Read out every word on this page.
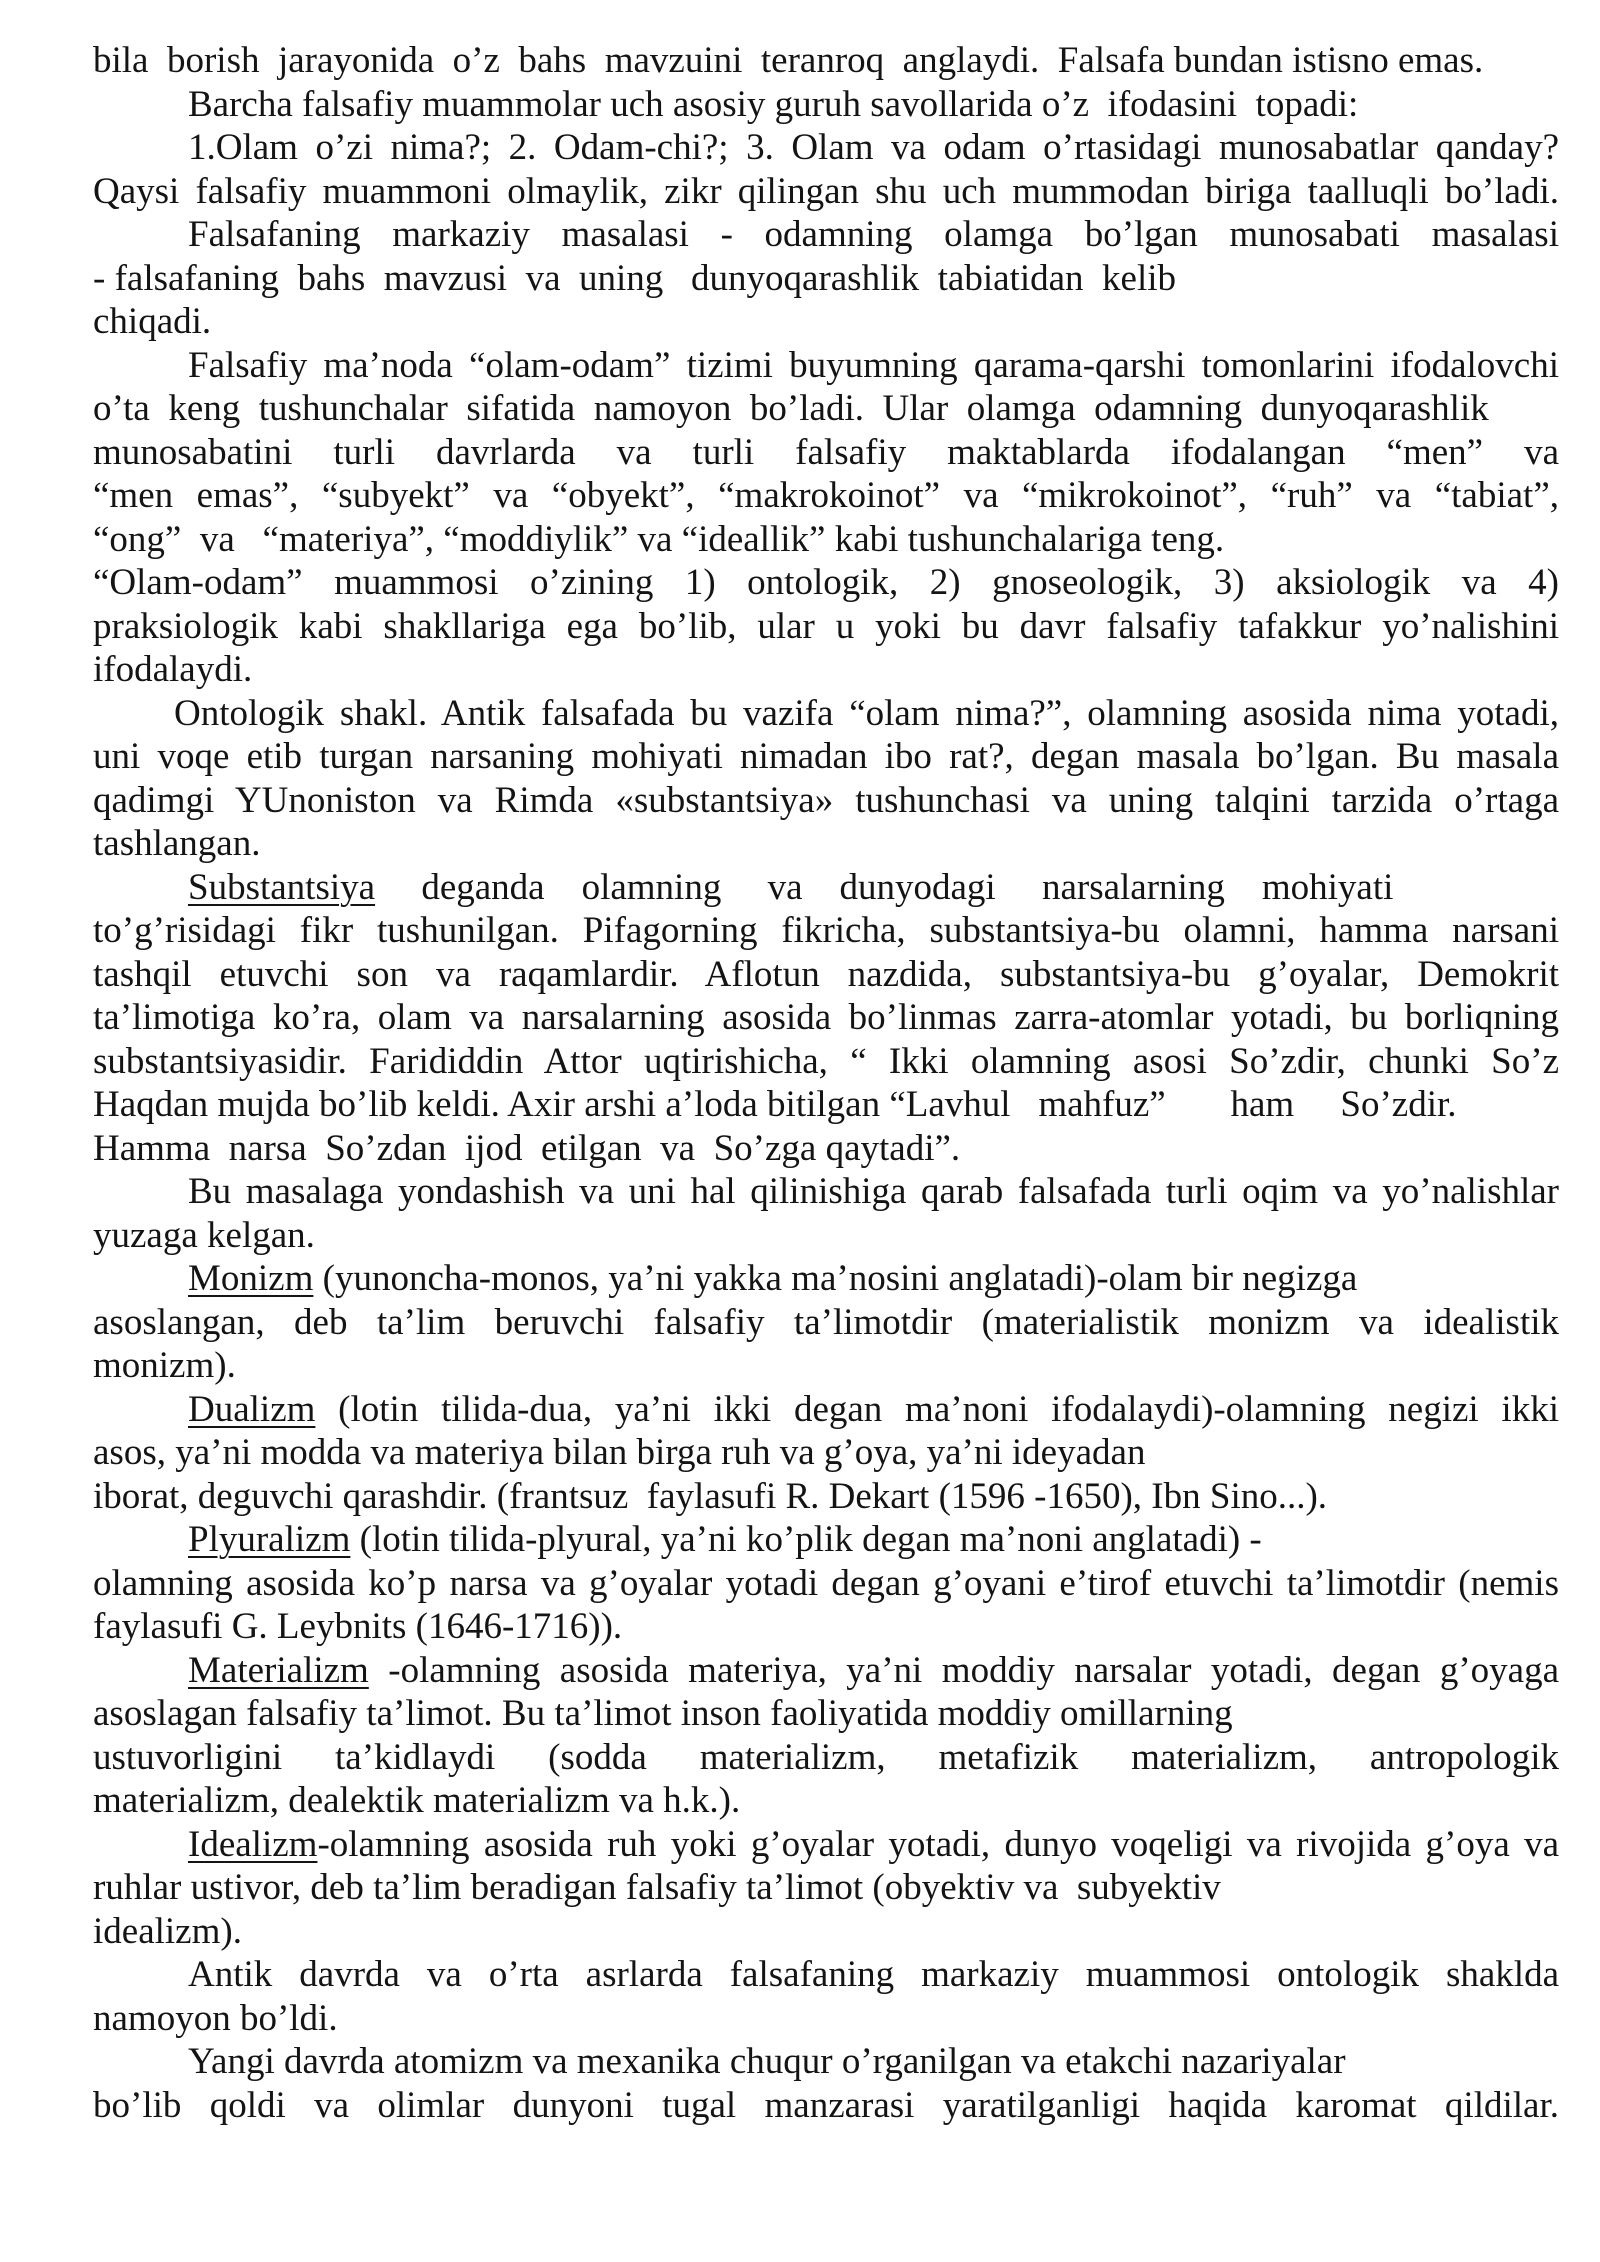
bila  borish  jarayonida  o’z  bahs  mavzuini  teranroq  anglaydi.  Falsafa bundan istisno emas.
Barcha falsafiy muammolar uch asosiy guruh savollarida o’z  ifodasini  topadi:
1.Olam o’zi nima?; 2. Odam-chi?; 3. Olam va odam o’rtasidagi munosabatlar qanday?
Qaysi falsafiy muammoni olmaylik, zikr qilingan shu uch mummodan biriga taalluqli bo’ladi.
Falsafaning markaziy masalasi - odamning olamga bo’lgan munosabati masalasi
- falsafaning  bahs  mavzusi  va  uning   dunyoqarashlik  tabiatidan  kelib
chiqadi.
Falsafiy ma’noda “olam-odam” tizimi buyumning qarama-qarshi tomonlarini ifodalovchi
o’ta  keng  tushunchalar  sifatida  namoyon  bo’ladi.  Ular  olamga  odamning  dunyoqarashlik
munosabatini turli davrlarda va turli falsafiy maktablarda ifodalangan “men” va
“men emas”, “subyekt” va “obyekt”, “makrokoinot” va “mikrokoinot”, “ruh” va “tabiat”,
“ong”  va   “materiya”, “moddiylik” va “ideallik” kabi tushunchalariga teng.
“Olam-odam” muammosi o’zining 1) ontologik, 2) gnoseologik, 3) aksiologik va 4)
praksiologik kabi shakllariga ega bo’lib, ular u yoki bu davr falsafiy tafakkur yo’nalishini
ifodalaydi.
Ontologik shakl. Antik falsafada bu vazifa “olam nima?”, olamning asosida nima yotadi,
uni voqe etib turgan narsaning mohiyati nimadan ibo rat?, degan masala bo’lgan. Bu masala
qadimgi YUnoniston va Rimda «substantsiya» tushunchasi va uning talqini tarzida o’rtaga
tashlangan.
Substantsiya     deganda    olamning     va    dunyodagi     narsalarning    mohiyati
to’g’risidagi fikr tushunilgan. Pifagorning fikricha, substantsiya-bu olamni, hamma narsani
tashqil etuvchi son va raqamlardir. Aflotun nazdida, substantsiya-bu g’oyalar, Demokrit
ta’limotiga ko’ra, olam va narsalarning asosida bo’linmas zarra-atomlar yotadi, bu borliqning
substantsiyasidir. Farididdin Attor uqtirishicha, “ Ikki olamning asosi So’zdir, chunki So’z
Haqdan mujda bo’lib keldi. Axir arshi a’loda bitilgan “Lavhul   mahfuz”       ham     So’zdir.
Hamma  narsa  So’zdan  ijod  etilgan  va  So’zga qaytadi”.
Bu masalaga yondashish va uni hal qilinishiga qarab falsafada turli oqim va yo’nalishlar
yuzaga kelgan.
Monizm (yunoncha-monos, ya’ni yakka ma’nosini anglatadi)-olam bir negizga
asoslangan, deb ta’lim beruvchi falsafiy ta’limotdir (materialistik monizm va idealistik
monizm).
Dualizm (lotin tilida-dua, ya’ni ikki degan ma’noni ifodalaydi)-olamning negizi ikki
asos, ya’ni modda va materiya bilan birga ruh va g’oya, ya’ni ideyadan
iborat, deguvchi qarashdir. (frantsuz  faylasufi R. Dekart (1596 -1650), Ibn Sino...).
Plyuralizm (lotin tilida-plyural, ya’ni ko’plik degan ma’noni anglatadi) -
olamning asosida ko’p narsa va g’oyalar yotadi degan g’oyani e’tirof etuvchi ta’limotdir (nemis
faylasufi G. Leybnits (1646-1716)).
Materializm -olamning asosida materiya, ya’ni moddiy narsalar yotadi, degan g’oyaga
asoslagan falsafiy ta’limot. Bu ta’limot inson faoliyatida moddiy omillarning
ustuvorligini ta’kidlaydi (sodda materializm, metafizik materializm, antropologik
materializm, dealektik materializm va h.k.).
Idealizm-olamning asosida ruh yoki g’oyalar yotadi, dunyo voqeligi va rivojida g’oya va
ruhlar ustivor, deb ta’lim beradigan falsafiy ta’limot (obyektiv va  subyektiv
idealizm).
Antik davrda va o’rta asrlarda falsafaning markaziy muammosi ontologik shaklda
namoyon bo’ldi.
Yangi davrda atomizm va mexanika chuqur o’rganilgan va etakchi nazariyalar
bo’lib qoldi va olimlar dunyoni tugal manzarasi yaratilganligi haqida karomat qildilar.
